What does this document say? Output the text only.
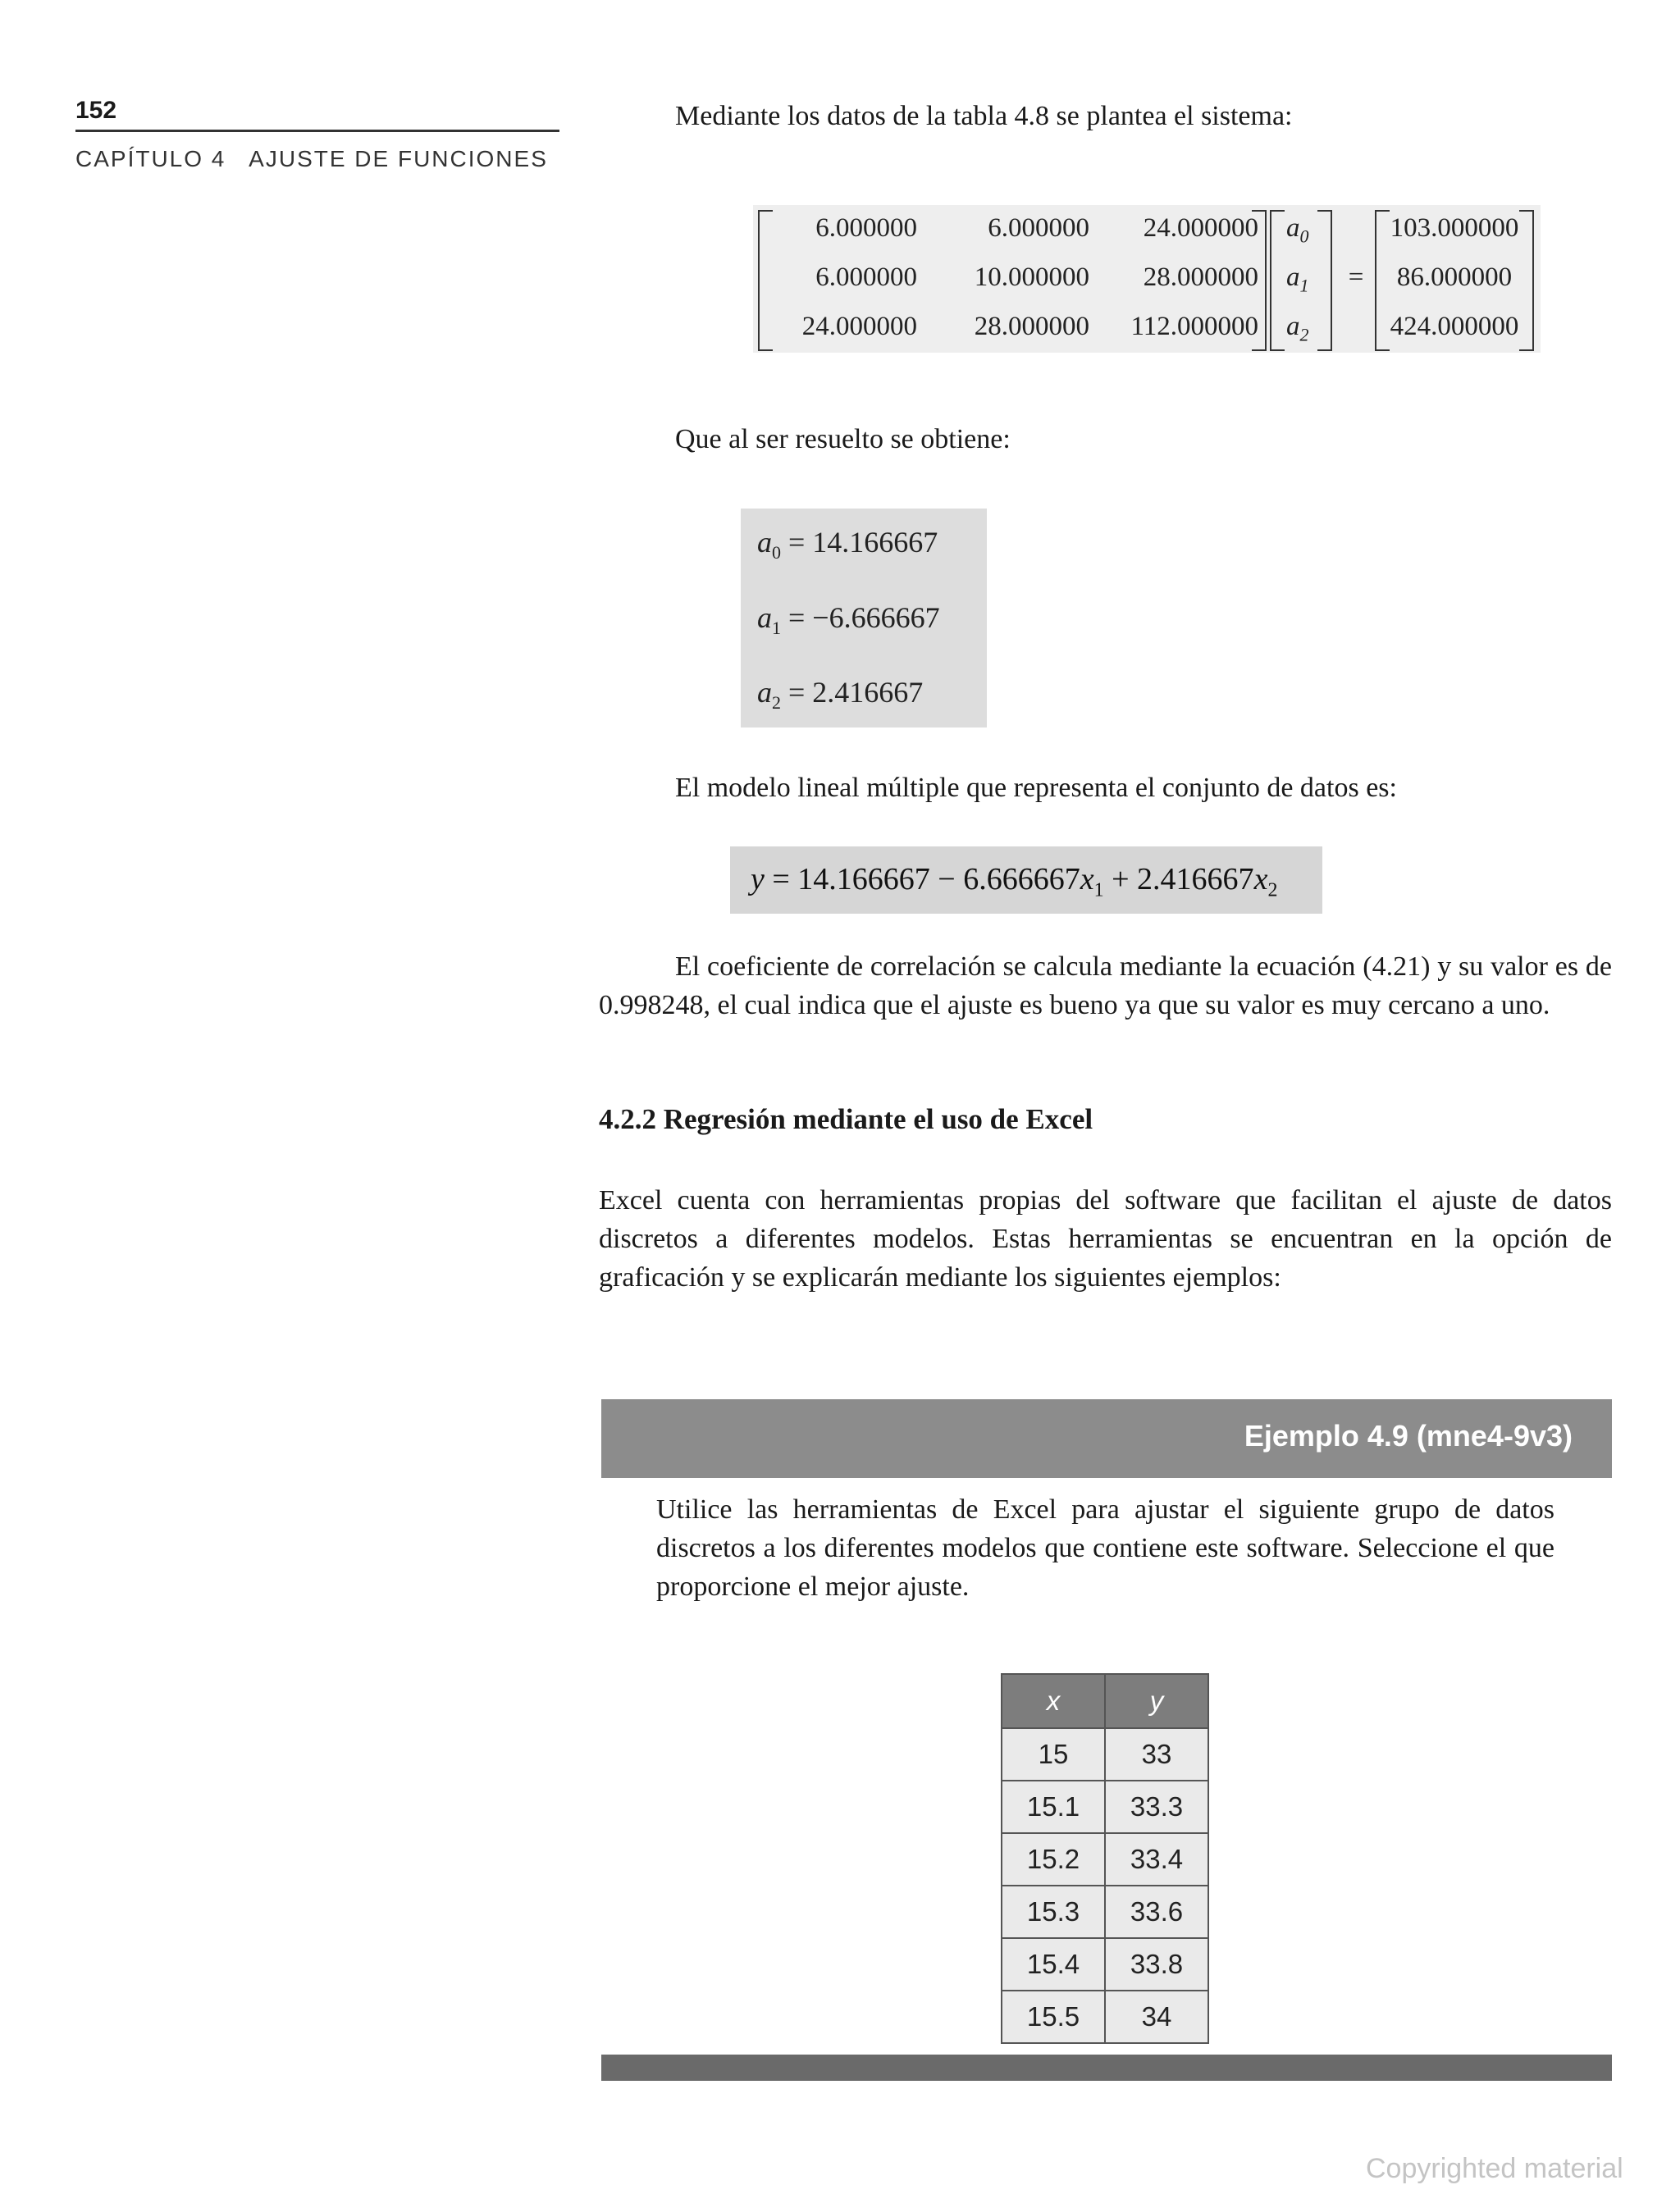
152
CAPÍTULO 4   AJUSTE DE FUNCIONES
Mediante los datos de la tabla 4.8 se plantea el sistema:
6.000000	6.000000	24.000000
6.000000	10.000000	28.000000
24.000000	28.000000	112.000000
$a_0$
$a_1$
$a_2$
=
103.000000
86.000000
424.000000
Que al ser resuelto se obtiene:
$a_0 = 14.166667$
$a_1 = -6.666667$
$a_2 = 2.416667$
El modelo lineal múltiple que representa el conjunto de datos es:
$y = 14.166667 - 6.666667x_1 + 2.416667x_2$
El coeficiente de correlación se calcula mediante la ecuación (4.21) y su valor es de 0.998248, el cual indica que el ajuste es bueno ya que su valor es muy cercano a uno.
4.2.2 Regresión mediante el uso de Excel
Excel cuenta con herramientas propias del software que facilitan el ajuste de datos discretos a diferentes modelos. Estas herramientas se encuentran en la opción de graficación y se explicarán mediante los siguientes ejemplos:
Ejemplo 4.9 (mne4-9v3)
Utilice las herramientas de Excel para ajustar el siguiente grupo de datos discretos a los diferentes modelos que contiene este software. Seleccione el que proporcione el mejor ajuste.
x	y
15	33
15.1	33.3
15.2	33.4
15.3	33.6
15.4	33.8
15.5	34
Copyrighted material
